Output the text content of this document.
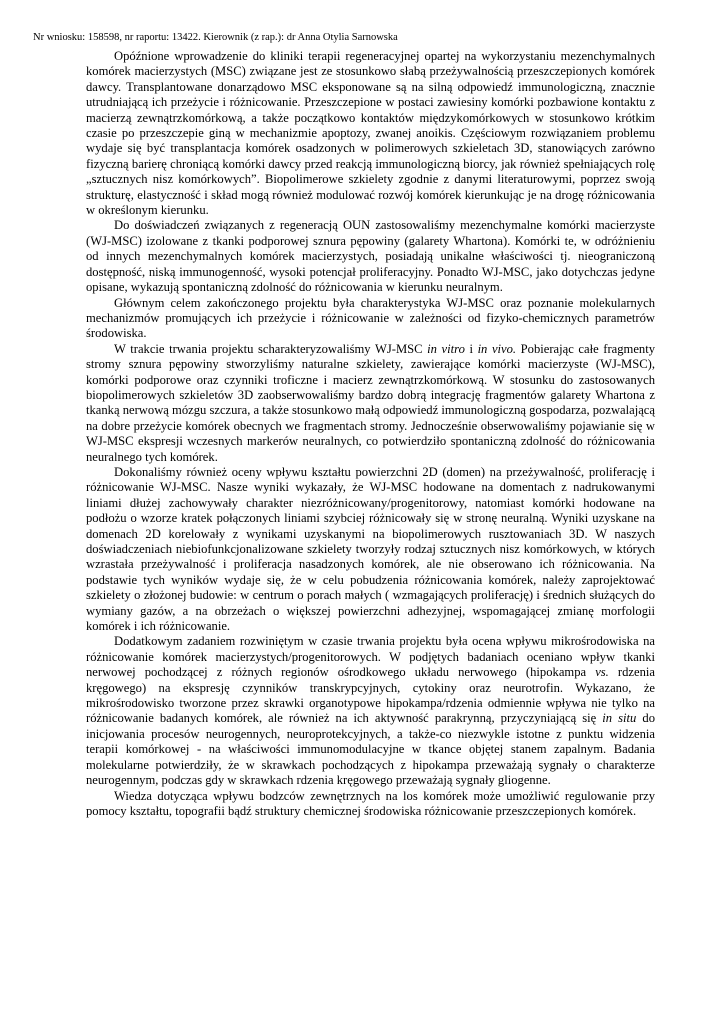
Nr wniosku: 158598, nr raportu: 13422. Kierownik (z rap.): dr Anna Otylia Sarnowska

Opóźnione wprowadzenie do kliniki terapii regeneracyjnej opartej na wykorzystaniu mezenchymalnych komórek macierzystych (MSC) związane jest ze stosunkowo słabą przeżywalnością przeszczepionych komórek dawcy. Transplantowane donarządowo MSC eksponowane są na silną odpowiedź immunologiczną, znacznie utrudniającą ich przeżycie i różnicowanie. Przeszczepione w postaci zawiesiny komórki pozbawione kontaktu z macierzą zewnątrzkomórkową, a także początkowo kontaktów międzykomórkowych w stosunkowo krótkim czasie po przeszczepie giną w mechanizmie apoptozy, zwanej anoikis. Częściowym rozwiązaniem problemu wydaje się być transplantacja komórek osadzonych w polimerowych szkieletach 3D, stanowiących zarówno fizyczną barierę chroniącą komórki dawcy przed reakcją immunologiczną biorcy, jak również spełniających rolę „sztucznych nisz komórkowych”. Biopolimerowe szkielety zgodnie z danymi literaturowymi, poprzez swoją strukturę, elastyczność i skład mogą również modulować rozwój komórek kierunkując je na drogę różnicowania w określonym kierunku.

Do doświadczeń związanych z regeneracją OUN zastosowaliśmy mezenchymalne komórki macierzyste (WJ-MSC) izolowane z tkanki podporowej sznura pępowiny (galarety Whartona). Komórki te, w odróżnieniu od innych mezenchymalnych komórek macierzystych, posiadają unikalne właściwości tj. nieograniczoną dostępność, niską immunogenność, wysoki potencjał proliferacyjny. Ponadto WJ-MSC, jako dotychczas jedyne opisane, wykazują spontaniczną zdolność do różnicowania w kierunku neuralnym.

Głównym celem zakończonego projektu była charakterystyka WJ-MSC oraz poznanie molekularnych mechanizmów promujących ich przeżycie i różnicowanie w zależności od fizyko-chemicznych parametrów środowiska.

W trakcie trwania projektu scharakteryzowaliśmy WJ-MSC in vitro i in vivo. Pobierając całe fragmenty stromy sznura pępowiny stworzyliśmy naturalne szkielety, zawierające komórki macierzyste (WJ-MSC), komórki podporowe oraz czynniki troficzne i macierz zewnątrzkomórkową. W stosunku do zastosowanych biopolimerowych szkieletów 3D zaobserwowaliśmy bardzo dobrą integrację fragmentów galarety Whartona z tkanką nerwową mózgu szczura, a także stosunkowo małą odpowiedź immunologiczną gospodarza, pozwalającą na dobre przeżycie komórek obecnych we fragmentach stromy. Jednocześnie obserwowaliśmy pojawianie się w WJ-MSC ekspresji wczesnych markerów neuralnych, co potwierdziło spontaniczną zdolność do różnicowania neuralnego tych komórek.

Dokonaliśmy również oceny wpływu kształtu powierzchni 2D (domen) na przeżywalność, proliferację i różnicowanie WJ-MSC. Nasze wyniki wykazały, że WJ-MSC hodowane na domentach z nadrukowanymi liniami dłużej zachowywały charakter niezróżnicowany/progenitorowy, natomiast komórki hodowane na podłożu o wzorze kratek połączonych liniami szybciej różnicowały się w stronę neuralną. Wyniki uzyskane na domenach 2D korelowały z wynikami uzyskanymi na biopolimerowych rusztowaniach 3D. W naszych doświadczeniach niebiofunkcjonalizowane szkielety tworzyły rodzaj sztucznych nisz komórkowych, w których wzrastała przeżywalność i proliferacja nasadzonych komórek, ale nie obserowano ich różnicowania. Na podstawie tych wyników wydaje się, że w celu pobudzenia różnicowania komórek, należy zaprojektować szkielety o złożonej budowie: w centrum o porach małych ( wzmagających proliferację) i średnich służących do wymiany gazów, a na obrzeżach o większej powierzchni adhezyjnej, wspomagającej zmianę morfologii komórek i ich różnicowanie.

Dodatkowym zadaniem rozwiniętym w czasie trwania projektu była ocena wpływu mikrośrodowiska na różnicowanie komórek macierzystych/progenitorowych. W podjętych badaniach oceniano wpływ tkanki nerwowej pochodzącej z różnych regionów ośrodkowego układu nerwowego (hipokampa vs. rdzenia kręgowego) na ekspresję czynników transkrypcyjnych, cytokiny oraz neurotrofin. Wykazano, że mikrośrodowisko tworzone przez skrawki organotypowe hipokampa/rdzenia odmiennie wpływa nie tylko na różnicowanie badanych komórek, ale również na ich aktywność parakrynną, przyczyniającą się in situ do inicjowania procesów neurogennych, neuroprotekcyjnych, a także-co niezwykle istotne z punktu widzenia terapii komórkowej - na właściwości immunomodulacyjne w tkance objętej stanem zapalnym. Badania molekularne potwierdziły, że w skrawkach pochodzących z hipokampa przeważają sygnały o charakterze neurogennym, podczas gdy w skrawkach rdzenia kręgowego przeważają sygnały gliogenne.

Wiedza dotycząca wpływu bodzców zewnętrznych na los komórek może umożliwić regulowanie przy pomocy kształtu, topografii bądź struktury chemicznej środowiska różnicowanie przeszczepionych komórek.
